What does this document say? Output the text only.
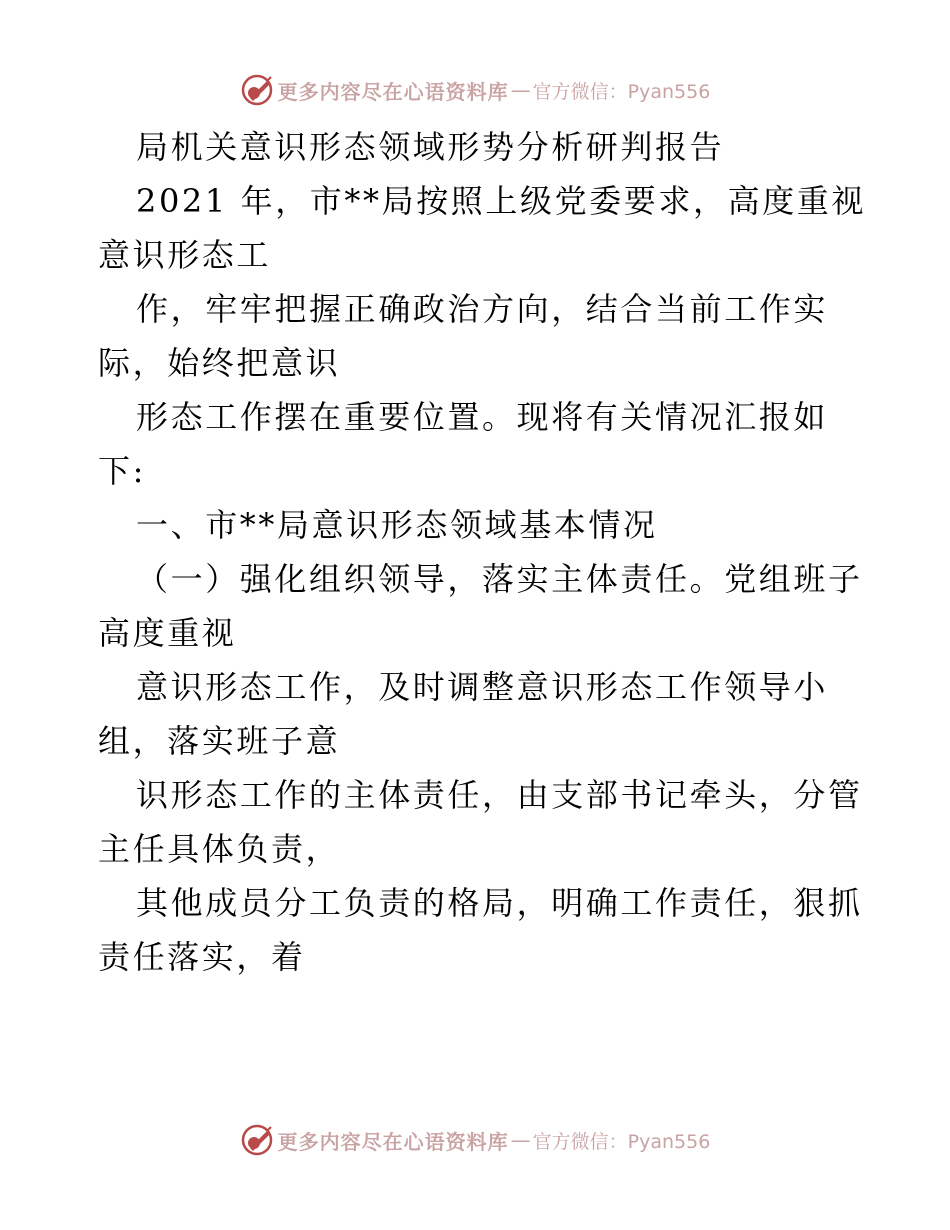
更多内容尽在心语资料库 — 官方微信：Pyan556
局机关意识形态领域形势分析研判报告
2021 年，市**局按照上级党委要求，高度重视
意识形态工
作，牢牢把握正确政治方向，结合当前工作实
际，始终把意识
形态工作摆在重要位置。现将有关情况汇报如
下:
一、市**局意识形态领域基本情况
（一）强化组织领导，落实主体责任。党组班子
高度重视
意识形态工作，及时调整意识形态工作领导小
组，落实班子意
识形态工作的主体责任，由支部书记牵头，分管
主任具体负责，
其他成员分工负责的格局，明确工作责任，狠抓
责任落实，着
更多内容尽在心语资料库 — 官方微信：Pyan556
